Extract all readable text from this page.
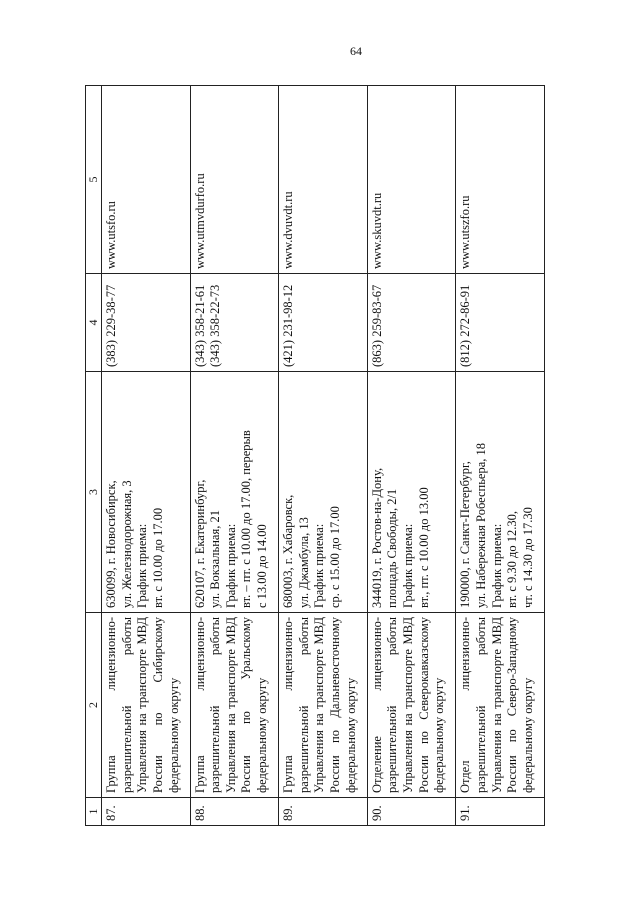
64
1	2	3	4	5
87.	Группа лицензионно-разрешительной работы Управления на транспорте МВД России по Сибирскому федеральному округу	630099, г. Новосибирск, ул. Железнодорожная, 3 График приема: вт. с 10.00 до 17.00	(383) 229-38-77	www.utsfo.ru
88.	Группа лицензионно-разрешительной работы Управления на транспорте МВД России по Уральскому федеральному округу	620107, г. Екатеринбург, ул. Вокзальная, 21 График приема: вт. – пт. с 10.00 до 17.00, перерыв с 13.00 до 14.00	(343) 358-21-61 (343) 358-22-73	www.utmvdurfo.ru
89.	Группа лицензионно-разрешительной работы Управления на транспорте МВД России по Дальневосточному федеральному округу	680003, г. Хабаровск, ул. Джамбула, 13 График приема: ср. с 15.00 до 17.00	(421) 231-98-12	www.dvuvdt.ru
90.	Отделение лицензионно-разрешительной работы Управления на транспорте МВД России по Северокавказскому федеральному округу	344019, г. Ростов-на-Дону, площадь Свободы, 2/1 График приема: вт., пт. с 10.00 до 13.00	(863) 259-83-67	www.skuvdt.ru
91.	Отдел лицензионно-разрешительной работы Управления на транспорте МВД России по Северо-Западному федеральному округу	190000, г. Санкт-Петербург, ул. Набережная Робеспьера, 18 График приема: вт. с 9.30 до 12.30, чт. с 14.30 до 17.30	(812) 272-86-91	www.utszfo.ru
